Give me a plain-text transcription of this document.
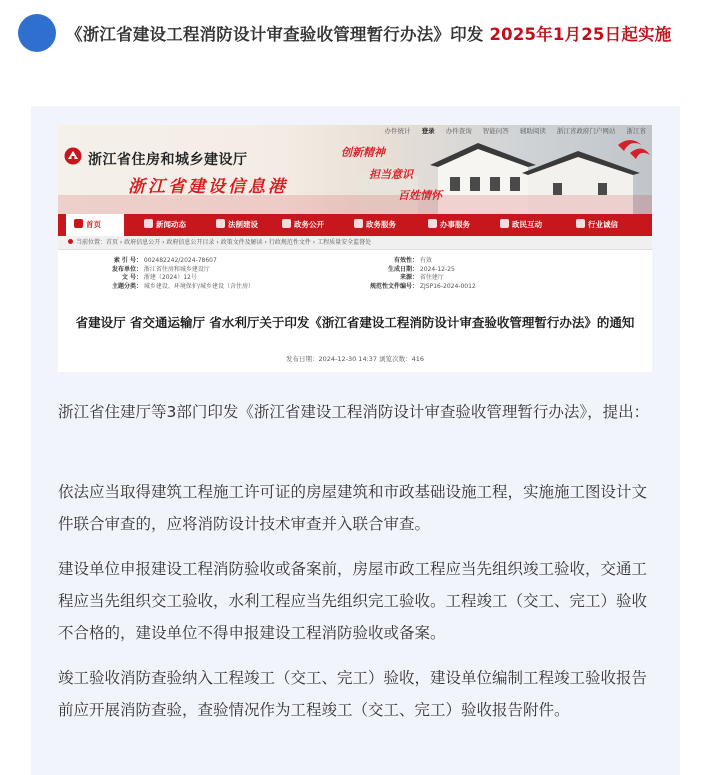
《浙江省建设工程消防设计审查验收管理暂行办法》印发 2025年1月25日起实施
办件统计 登录 办件查询 智能问答 辅助阅读 浙江省政府门户网站 浙江省
浙江省住房和城乡建设厅
浙江省建设信息港
创新精神
担当意识
百姓情怀
首页	新闻动态	法制建设	政务公开	政务服务	办事服务	政民互动	行业诚信
当前位置：首页 › 政府信息公开 › 政府信息公开目录 › 政策文件及解读 › 行政规范性文件 › 工程质量安全监督处
索 引 号： 002482242/2024-78607
发布单位： 浙江省住房和城乡建设厅
文 号： 浙建（2024）12号
主题分类： 城乡建设、环境保护/城乡建设（含住房）
有效性： 有效
生成日期： 2024-12-25
来源： 省住建厅
规范性文件编号： ZJSP16-2024-0012
省建设厅 省交通运输厅 省水利厅关于印发《浙江省建设工程消防设计审查验收管理暂行办法》的通知
发布日期：2024-12-30 14:37 浏览次数：416

浙江省住建厅等3部门印发《浙江省建设工程消防设计审查验收管理暂行办法》，提出：

依法应当取得建筑工程施工许可证的房屋建筑和市政基础设施工程，实施施工图设计文件联合审查的，应将消防设计技术审查并入联合审查。

建设单位申报建设工程消防验收或备案前，房屋市政工程应当先组织竣工验收，交通工程应当先组织交工验收，水利工程应当先组织完工验收。工程竣工（交工、完工）验收不合格的，建设单位不得申报建设工程消防验收或备案。

竣工验收消防查验纳入工程竣工（交工、完工）验收，建设单位编制工程竣工验收报告前应开展消防查验，查验情况作为工程竣工（交工、完工）验收报告附件。
